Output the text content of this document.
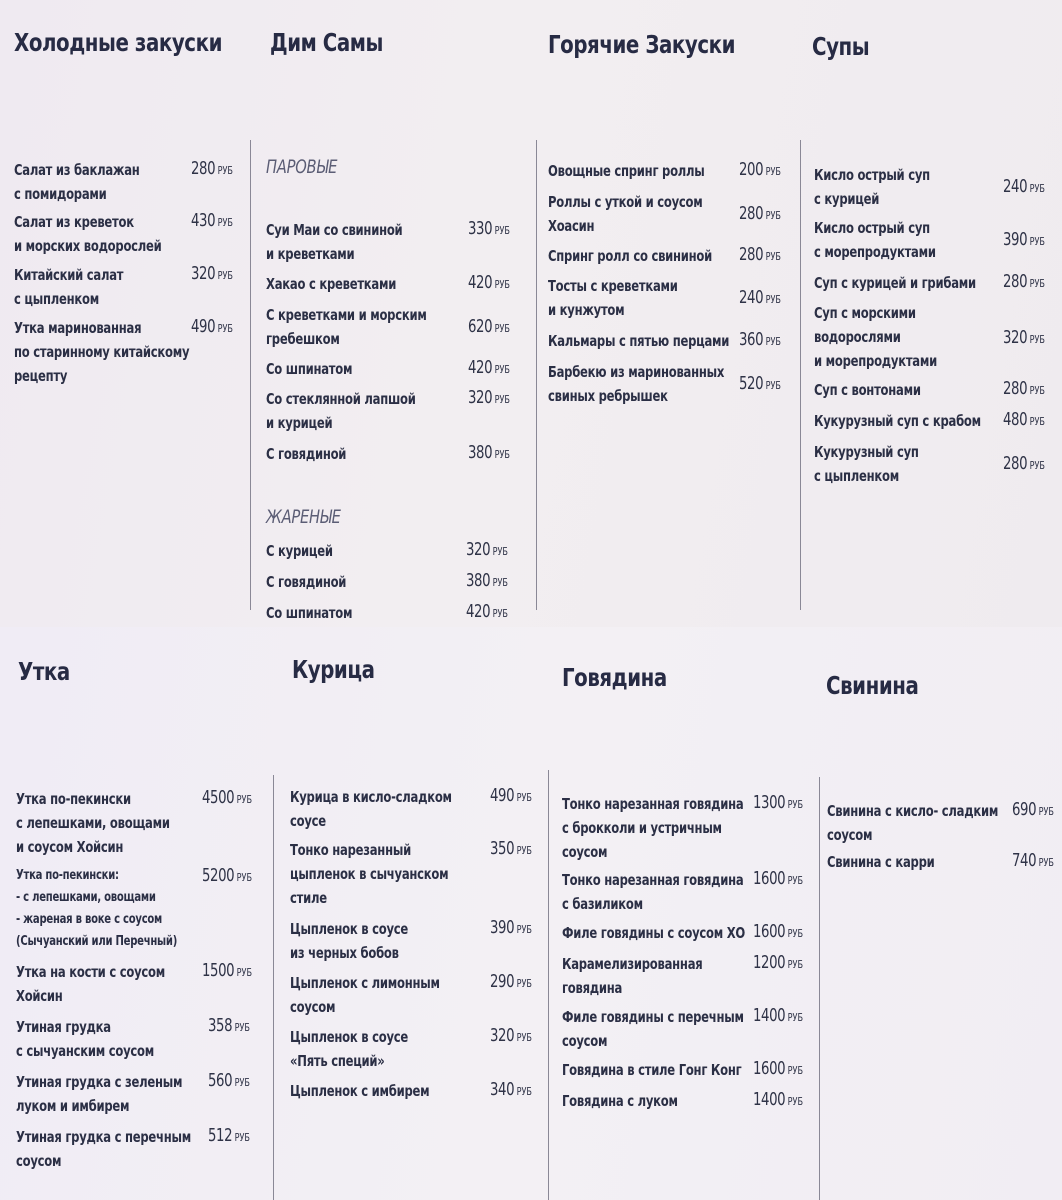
Холодные закуски Дим Самы	Горячие Закуски	Супы
Салат из баклажан
с помидорами
280 РУБ
Салат из креветок
и морских водорослей
430 РУБ
Китайский салат
с цыпленком
320 РУБ
Утка маринованная
по старинному китайскому
рецепту
490 РУБ
ПАРОВЫЕ
Суи Маи со свининой
и креветками
330 РУБ
Хакао с креветками	420 РУБ
С креветками и морским
гребешком
620 РУБ
Со шпинатом	420 РУБ
Со стеклянной лапшой
и курицей
320 РУБ
С говядиной	380 РУБ
ЖАРЕНЫЕ
С курицей	320 РУБ
С говядиной	380 РУБ
Со шпинатом	420 РУБ
Овощные спринг роллы 200 РУБ
Роллы с уткой и соусом
Хоасин
280 РУБ
Спринг ролл со свининой 280 РУБ
Тосты с креветками
и кунжутом
240 РУБ
Кальмары с пятью перцами 360 РУБ
Барбекю из маринованных
свиных ребрышек
520 РУБ
Кисло острый суп
с курицей
240 РУБ
Кисло острый суп
с морепродуктами
390 РУБ
Суп с курицей и грибами 280 РУБ
Суп с морскими
водорослями
и морепродуктами
320 РУБ
Суп с вонтонами	280 РУБ
Кукурузный суп с крабом 480 РУБ
Кукурузный суп
с цыпленком
280 РУБ
Утка	Курица	Говядина	Свинина
Утка по-пекински
с лепешками, овощами
и соусом Хойсин
4500 РУБ
Утка по-пекински:
- с лепешками, овощами
- жареная в воке с соусом
(Сычуанский или Перечный)
5200 РУБ
Утка на кости с соусом
Хойсин
1500 РУБ
Утиная грудка
с сычуанским соусом
358 РУБ
Утиная грудка с зеленым
луком и имбирем
560 РУБ
Утиная грудка с перечным
соусом
512 РУБ
Курица в кисло-сладком
соусе
490 РУБ
Тонко нарезанный
цыпленок в сычуанском
стиле
350 РУБ
Цыпленок в соусе
из черных бобов
390 РУБ
Цыпленок с лимонным
соусом
290 РУБ
Цыпленок в соусе
«Пять специй»
320 РУБ
Цыпленок с имбирем	340 РУБ
Тонко нарезанная говядина
с брокколи и устричным
соусом
1300 РУБ
Тонко нарезанная говядина
с базиликом
1600 РУБ
Филе говядины с соусом ХО 1600 РУБ
Карамелизированная
говядина
1200 РУБ
Филе говядины с перечным
соусом
1400 РУБ
Говядина в стиле Гонг Конг 1600 РУБ
Говядина с луком	1400 РУБ
Свинина с кисло- сладким
соусом
690 РУБ
Свинина с карри	740 РУБ
